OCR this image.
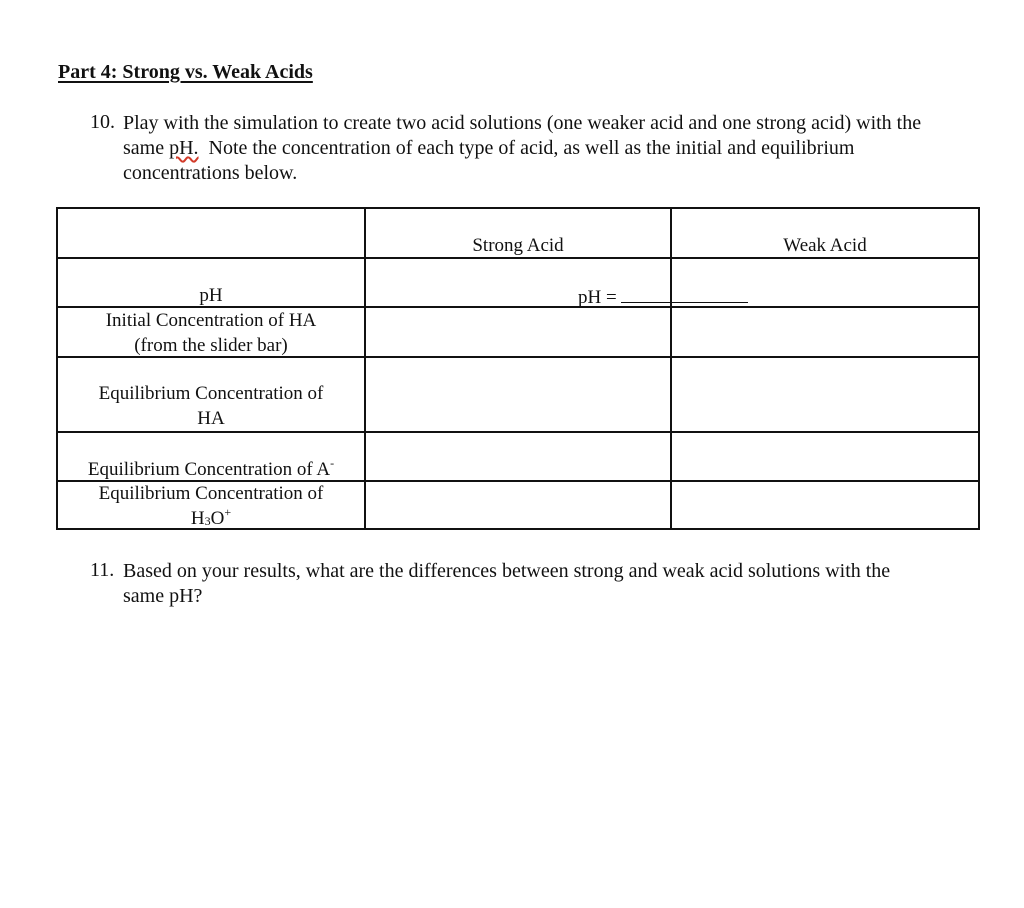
Part 4: Strong vs. Weak Acids
10. Play with the simulation to create two acid solutions (one weaker acid and one strong acid) with the
same pH.  Note the concentration of each type of acid, as well as the initial and equilibrium
concentrations below.
Strong Acid	Weak Acid
pH	pH =
Initial Concentration of HA
(from the slider bar)
Equilibrium Concentration of
HA
Equilibrium Concentration of A-
Equilibrium Concentration of
$H_3O^+$
11. Based on your results, what are the differences between strong and weak acid solutions with the
same pH?
